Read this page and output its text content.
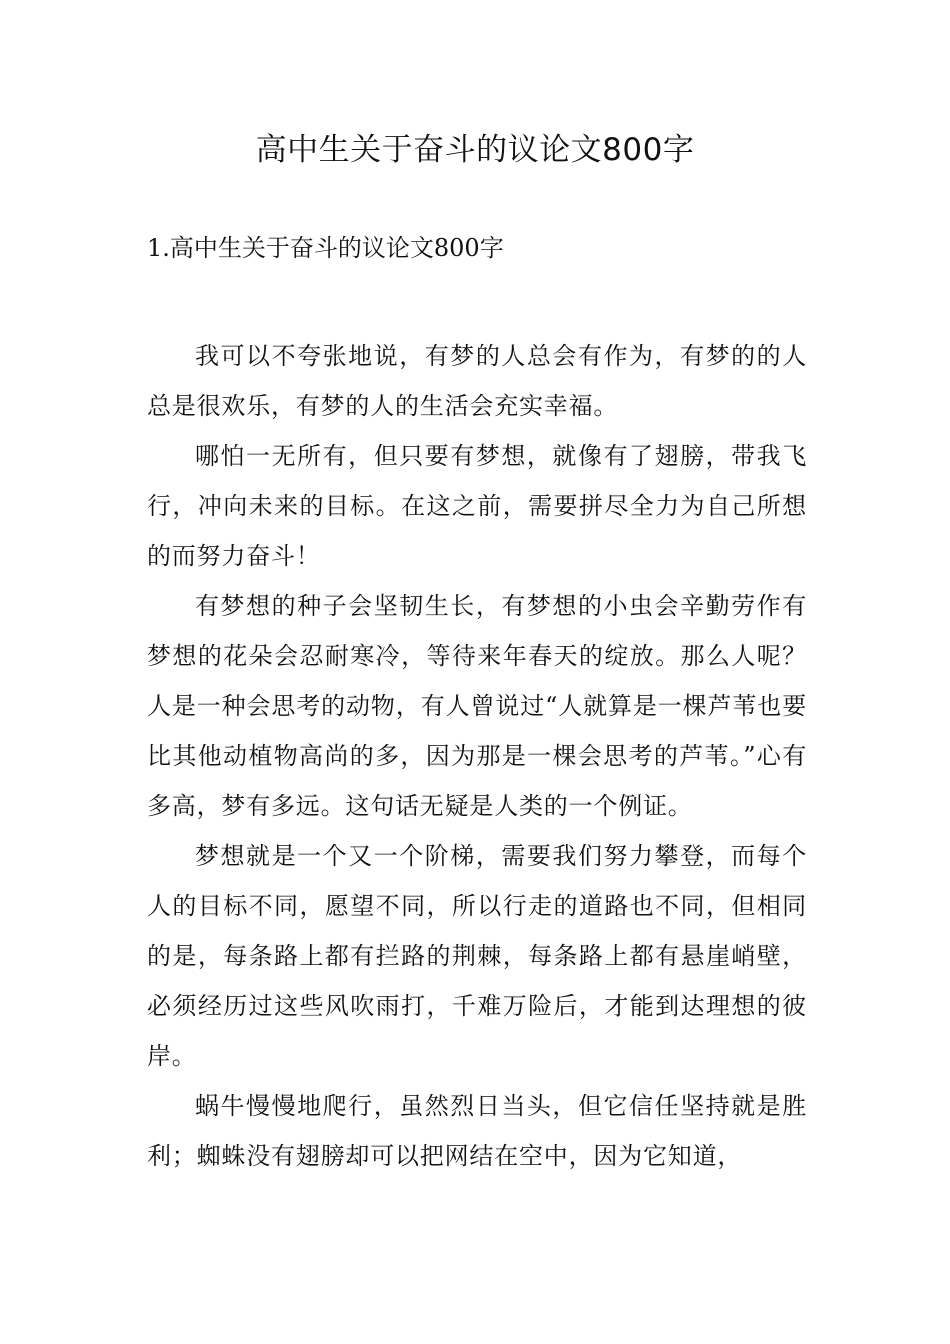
高中生关于奋斗的议论文800字
1.高中生关于奋斗的议论文800字

我可以不夸张地说，有梦的人总会有作为，有梦的的人总是很欢乐，有梦的人的生活会充实幸福。

哪怕一无所有，但只要有梦想，就像有了翅膀，带我飞行，冲向未来的目标。在这之前，需要拼尽全力为自己所想的而努力奋斗！

有梦想的种子会坚韧生长，有梦想的小虫会辛勤劳作有梦想的花朵会忍耐寒冷，等待来年春天的绽放。那么人呢？人是一种会思考的动物，有人曾说过“人就算是一棵芦苇也要比其他动植物高尚的多，因为那是一棵会思考的芦苇。”心有多高，梦有多远。这句话无疑是人类的一个例证。

梦想就是一个又一个阶梯，需要我们努力攀登，而每个人的目标不同，愿望不同，所以行走的道路也不同，但相同的是，每条路上都有拦路的荆棘，每条路上都有悬崖峭壁，必须经历过这些风吹雨打，千难万险后，才能到达理想的彼岸。

蜗牛慢慢地爬行，虽然烈日当头，但它信任坚持就是胜利；蜘蛛没有翅膀却可以把网结在空中，因为它知道，
